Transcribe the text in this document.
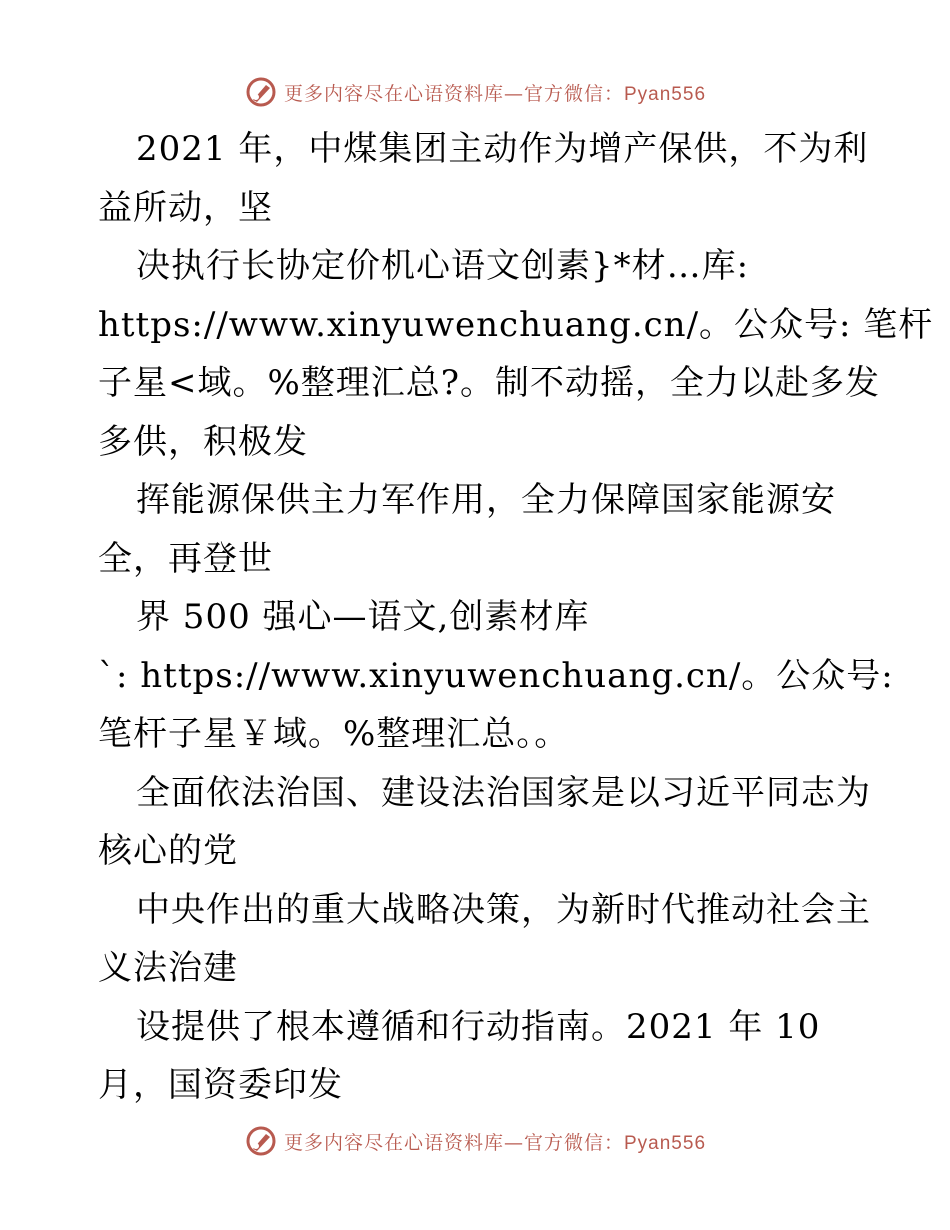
更多内容尽在心语资料库—官方微信：Pyan556
2021 年，中煤集团主动作为增产保供，不为利
益所动，坚
决执行长协定价机心语文创素}*材…库:
https://www.xinyuwenchuang.cn/。公众号: 笔杆
子星<域。%整理汇总?。制不动摇，全力以赴多发
多供，积极发
挥能源保供主力军作用，全力保障国家能源安
全，再登世
界 500 强心—语文,创素材库
`: https://www.xinyuwenchuang.cn/。公众号:
笔杆子星￥域。%整理汇总。。
全面依法治国、建设法治国家是以习近平同志为
核心的党
中央作出的重大战略决策，为新时代推动社会主
义法治建
设提供了根本遵循和行动指南。2021 年 10
月，国资委印发
更多内容尽在心语资料库—官方微信：Pyan556
